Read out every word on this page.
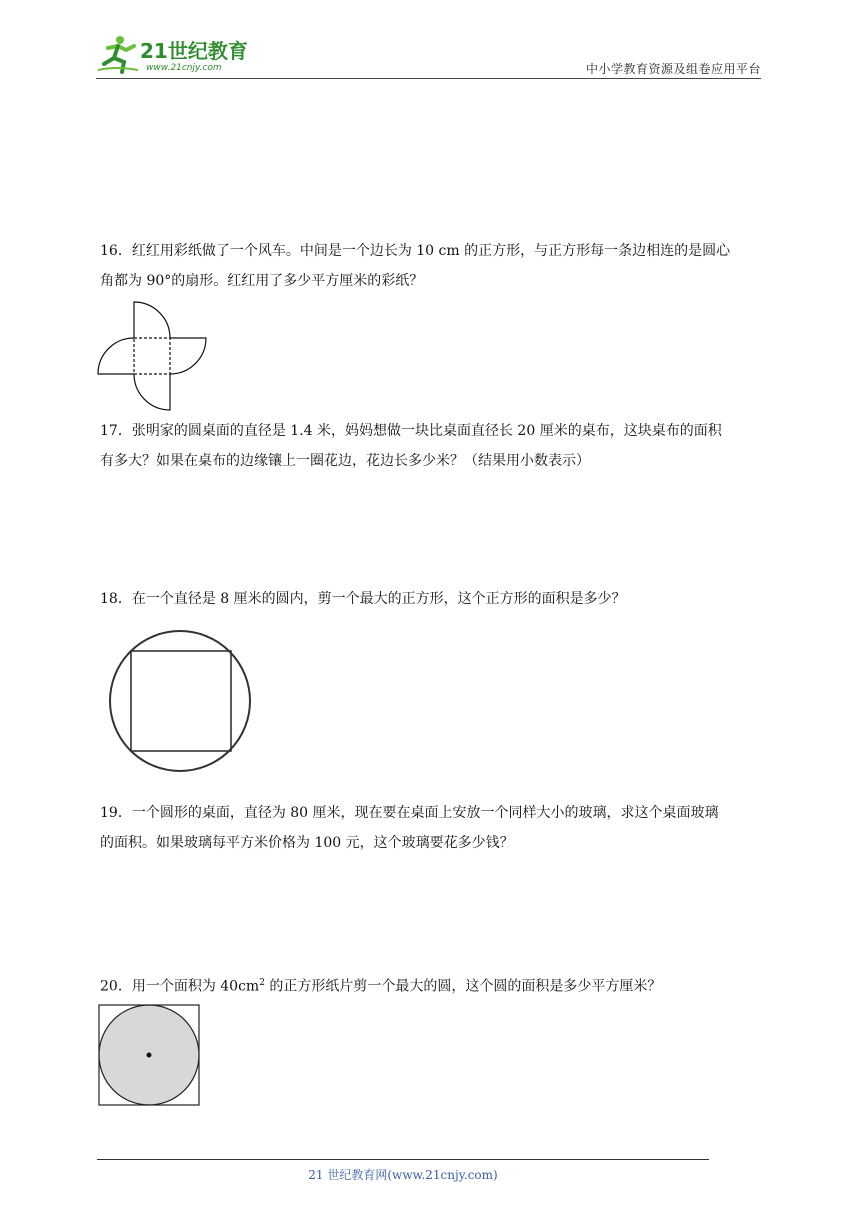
21世纪教育
www.21cnjy.com	中小学教育资源及组卷应用平台

16．红红用彩纸做了一个风车。中间是一个边长为 10 cm 的正方形，与正方形每一条边相连的是圆心

角都为 90°的扇形。红红用了多少平方厘米的彩纸？

17．张明家的圆桌面的直径是 1.4 米，妈妈想做一块比桌面直径长 20 厘米的桌布，这块桌布的面积

有多大？如果在桌布的边缘镶上一圈花边，花边长多少米？（结果用小数表示）

18．在一个直径是 8 厘米的圆内，剪一个最大的正方形，这个正方形的面积是多少？

19．一个圆形的桌面，直径为 80 厘米，现在要在桌面上安放一个同样大小的玻璃，求这个桌面玻璃

的面积。如果玻璃每平方米价格为 100 元，这个玻璃要花多少钱？

20．用一个面积为 $40cm^2$ 的正方形纸片剪一个最大的圆，这个圆的面积是多少平方厘米？

21 世纪教育网(www.21cnjy.com)
